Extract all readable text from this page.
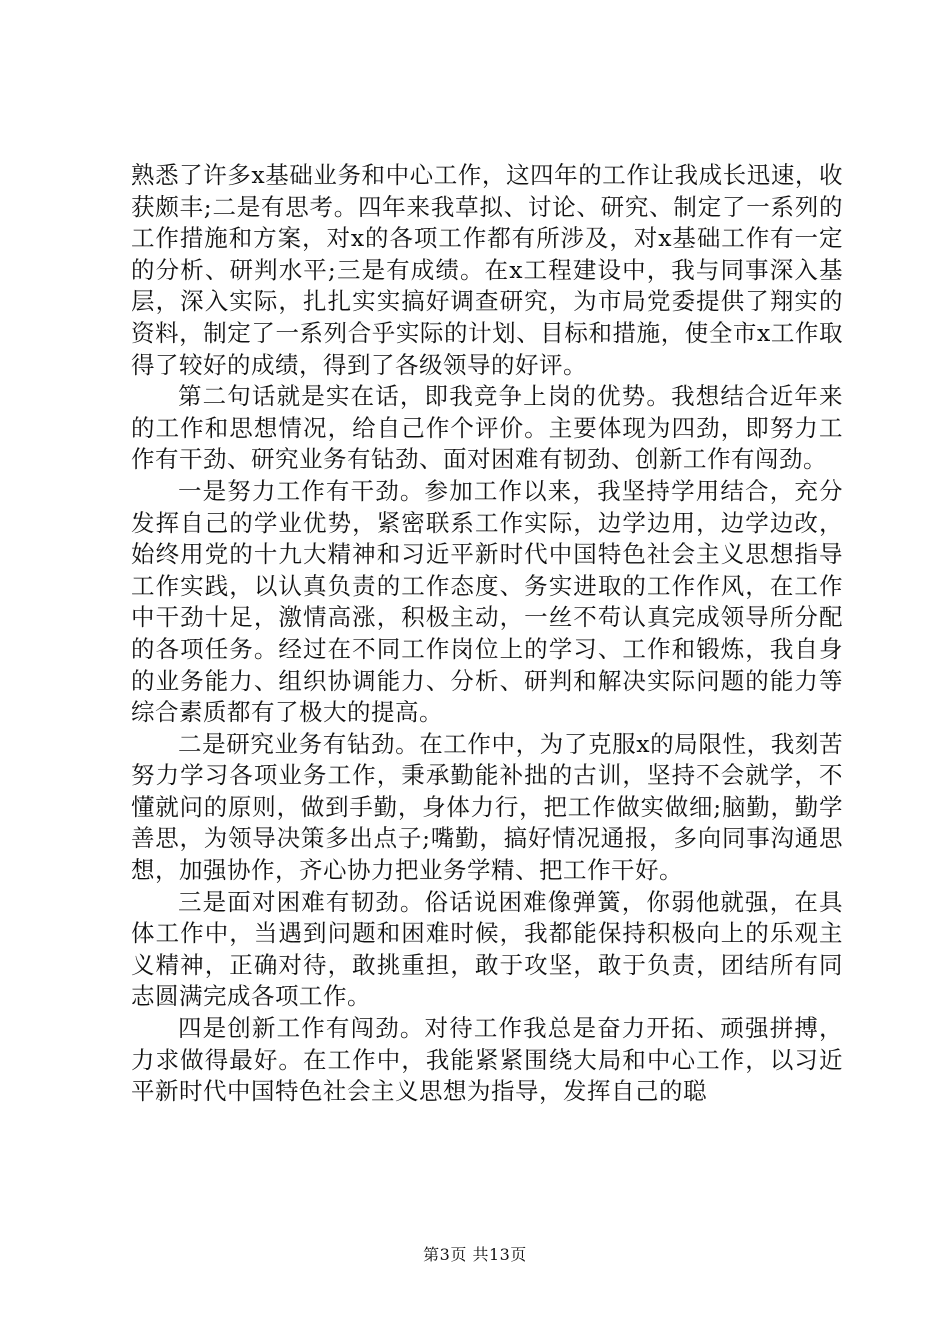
熟悉了许多x基础业务和中心工作，这四年的工作让我成长迅速，收获颇丰;二是有思考。四年来我草拟、讨论、研究、制定了一系列的工作措施和方案，对x的各项工作都有所涉及，对x基础工作有一定的分析、研判水平;三是有成绩。在x工程建设中，我与同事深入基层，深入实际，扎扎实实搞好调查研究，为市局党委提供了翔实的资料，制定了一系列合乎实际的计划、目标和措施，使全市x工作取得了较好的成绩，得到了各级领导的好评。

第二句话就是实在话，即我竞争上岗的优势。我想结合近年来的工作和思想情况，给自己作个评价。主要体现为四劲，即努力工作有干劲、研究业务有钻劲、面对困难有韧劲、创新工作有闯劲。

一是努力工作有干劲。参加工作以来，我坚持学用结合，充分发挥自己的学业优势，紧密联系工作实际，边学边用，边学边改，始终用党的十九大精神和习近平新时代中国特色社会主义思想指导工作实践，以认真负责的工作态度、务实进取的工作作风，在工作中干劲十足，激情高涨，积极主动，一丝不苟认真完成领导所分配的各项任务。经过在不同工作岗位上的学习、工作和锻炼，我自身的业务能力、组织协调能力、分析、研判和解决实际问题的能力等综合素质都有了极大的提高。

二是研究业务有钻劲。在工作中，为了克服x的局限性，我刻苦努力学习各项业务工作，秉承勤能补拙的古训，坚持不会就学，不懂就问的原则，做到手勤，身体力行，把工作做实做细;脑勤，勤学善思，为领导决策多出点子;嘴勤，搞好情况通报，多向同事沟通思想，加强协作，齐心协力把业务学精、把工作干好。

三是面对困难有韧劲。俗话说困难像弹簧，你弱他就强，在具体工作中，当遇到问题和困难时候，我都能保持积极向上的乐观主义精神，正确对待，敢挑重担，敢于攻坚，敢于负责，团结所有同志圆满完成各项工作。

四是创新工作有闯劲。对待工作我总是奋力开拓、顽强拼搏，力求做得最好。在工作中，我能紧紧围绕大局和中心工作，以习近平新时代中国特色社会主义思想为指导，发挥自己的聪

第3页 共13页
